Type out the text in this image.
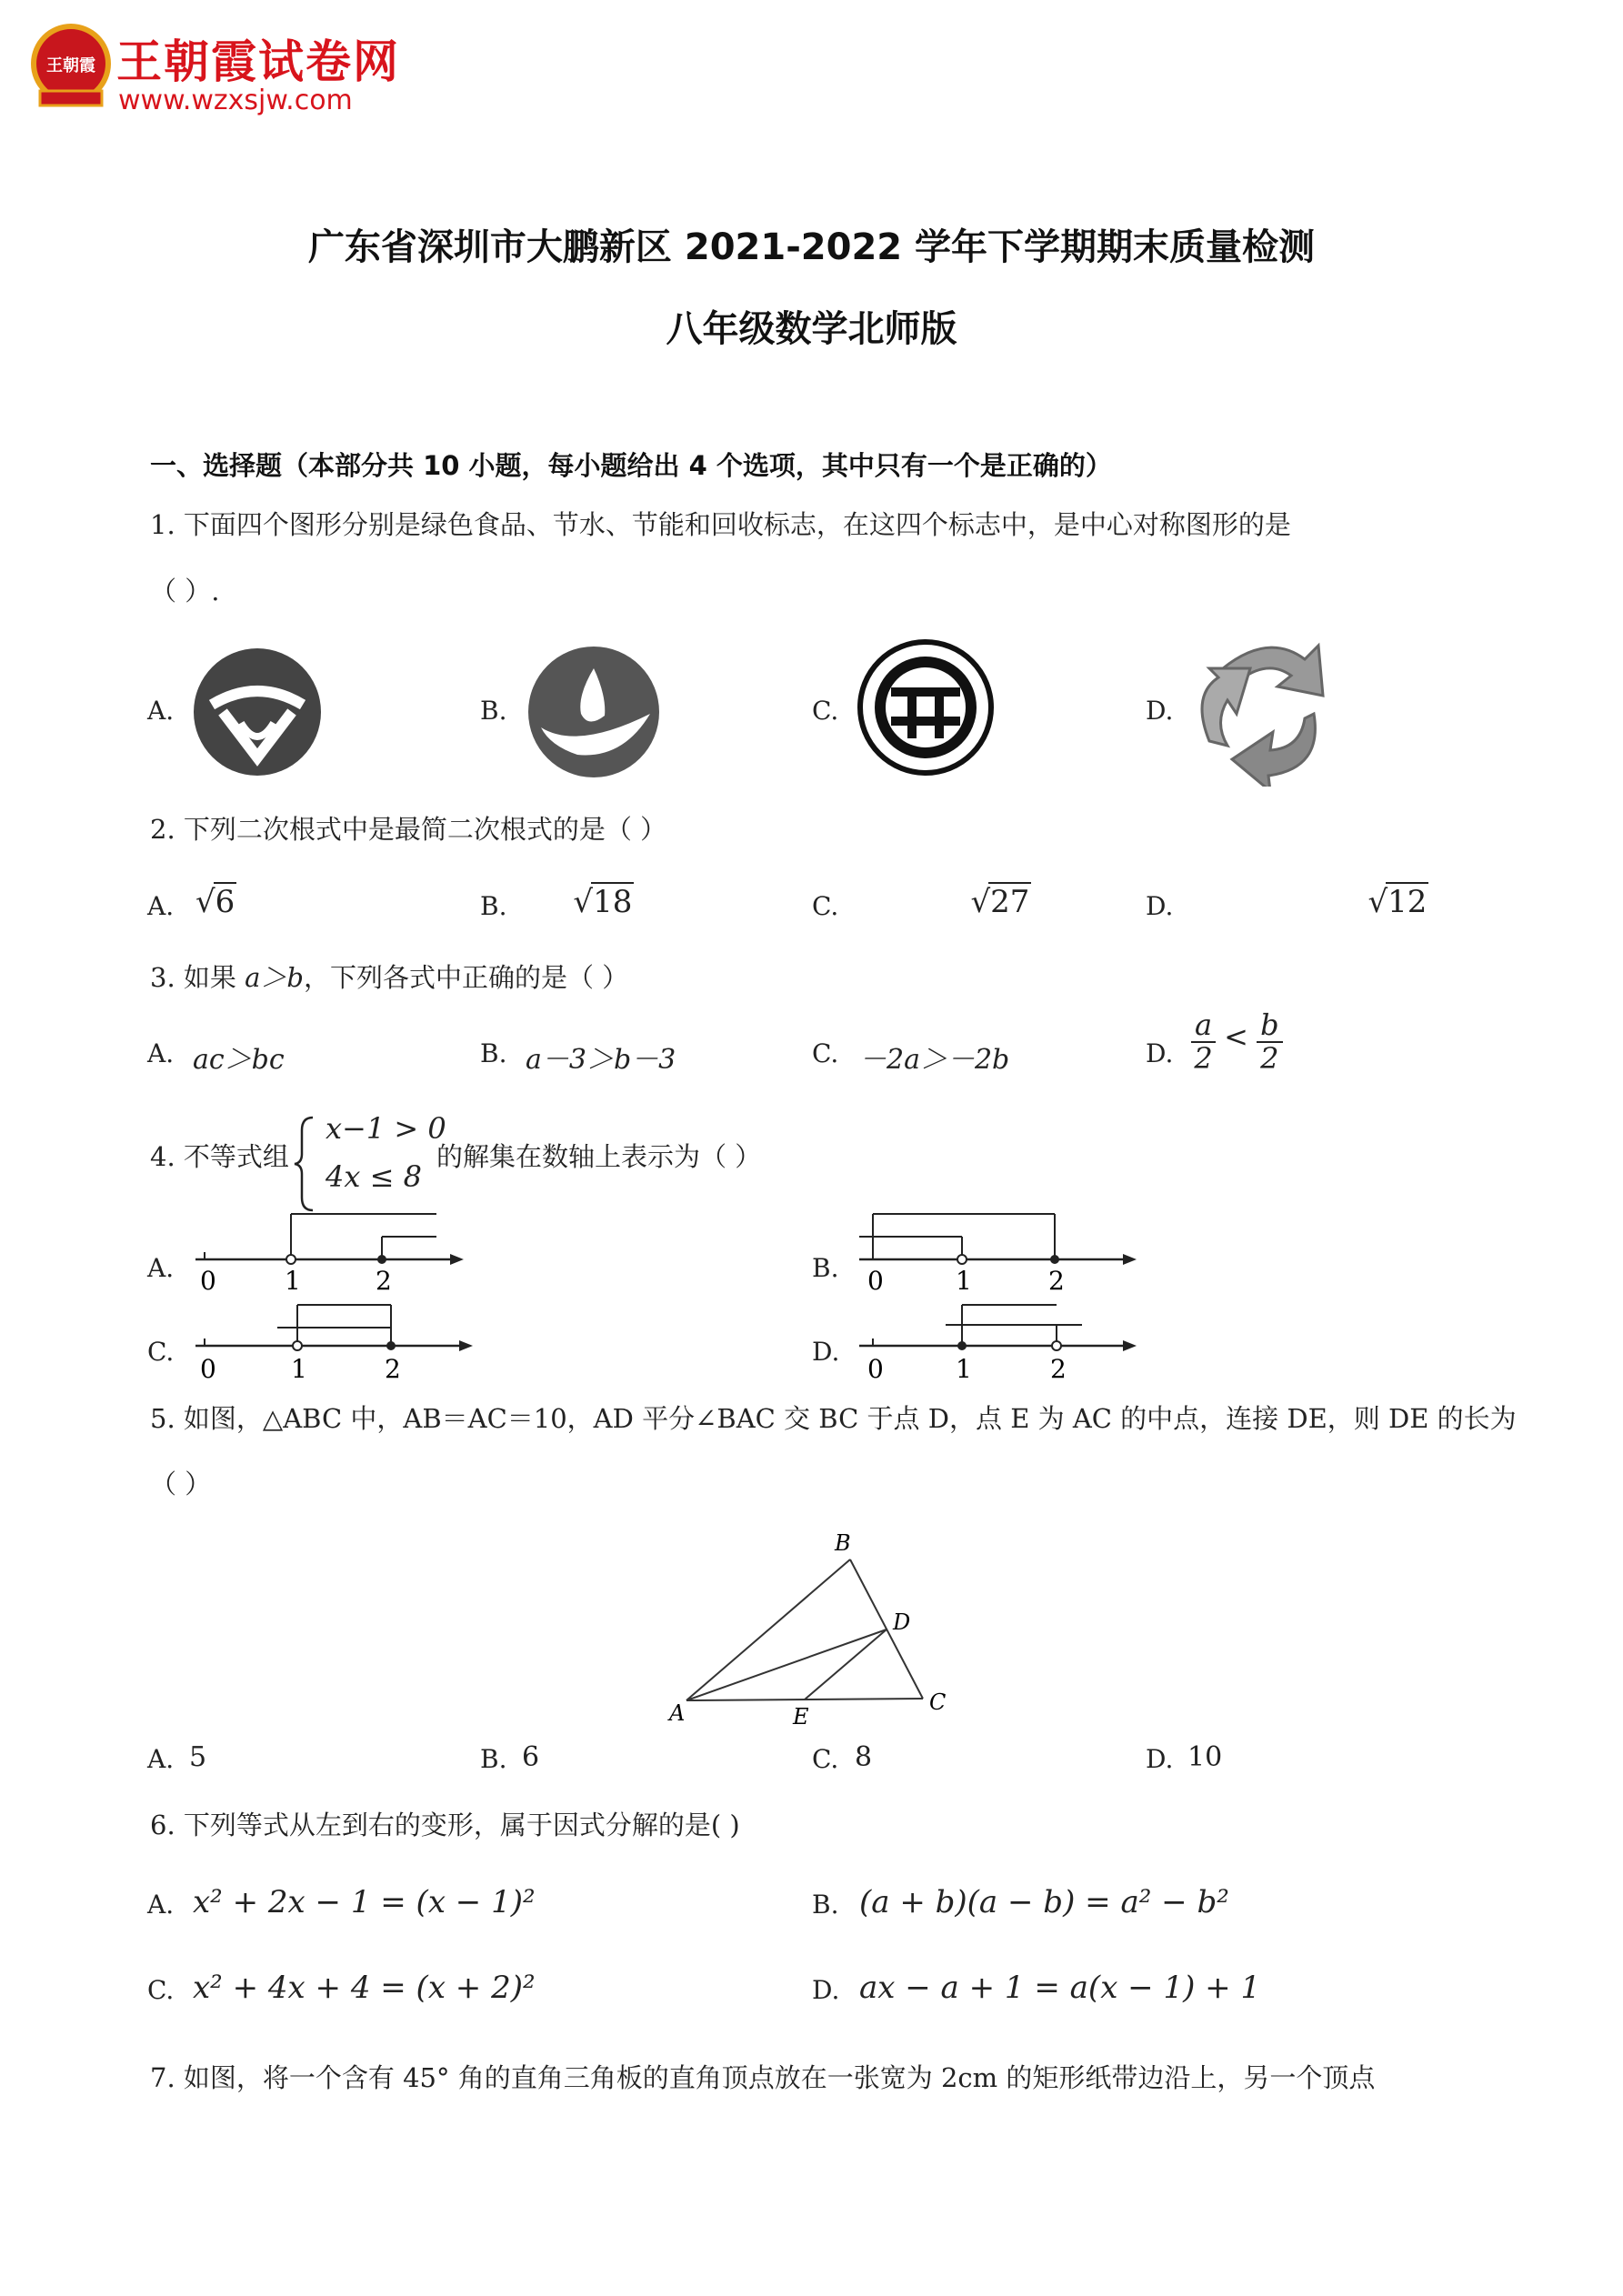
王朝霞 王朝霞试卷网
www.wzxsjw.com
广东省深圳市大鹏新区 2021-2022 学年下学期期末质量检测
八年级数学北师版
一、选择题（本部分共 10 小题，每小题给出 4 个选项，其中只有一个是正确的）
1. 下面四个图形分别是绿色食品、节水、节能和回收标志，在这四个标志中，是中心对称图形的是
（ ）.
A.	B.	C.	D.
2. 下列二次根式中是最简二次根式的是（ ）
A. √6	B. √18	C.	√27	D.	√12
3. 如果 a＞b，下列各式中正确的是（ ）
A. ac＞bc	B. a－3＞b－3	C. －2a＞－2b	D. $\frac{a}{2} < \frac{b}{2}$
4. 不等式组
x−1 > 0
4x ≤ 8
的解集在数轴上表示为（ ）
A. 0	1	2	B. 0	1	2
C.
0	1	2
D.
0	1	2
5. 如图，△ABC 中，AB＝AC＝10，AD 平分∠BAC 交 BC 于点 D，点 E 为 AC 的中点，连接 DE，则 DE 的长为
（ ）
B
D
A	C
E
A. 5	B. 6	C. 8	D. 10
6. 下列等式从左到右的变形，属于因式分解的是( )
A. x² + 2x − 1 = (x − 1)²	B. (a + b)(a − b) = a² − b²
C. x² + 4x + 4 = (x + 2)²	D. ax − a + 1 = a(x − 1) + 1
7. 如图，将一个含有 45° 角的直角三角板的直角顶点放在一张宽为 2cm 的矩形纸带边沿上，另一个顶点
